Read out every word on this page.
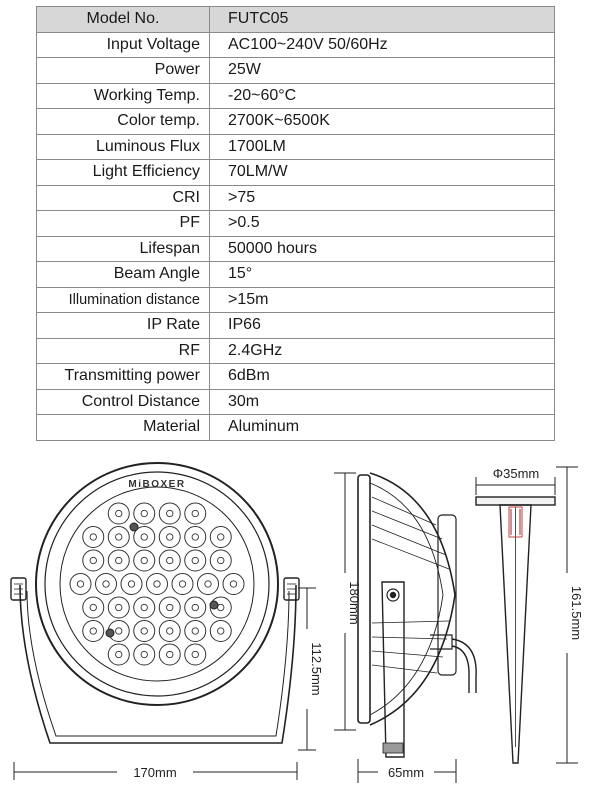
Model No.	FUTC05
Input Voltage	AC100~240V 50/60Hz
Power	25W
Working Temp.	-20~60°C
Color temp.	2700K~6500K
Luminous Flux	1700LM
Light Efficiency	70LM/W
CRI	>75
PF	>0.5
Lifespan	50000 hours
Beam Angle	15°
Illumination distance	>15m
IP Rate	IP66
RF	2.4GHz
Transmitting power	6dBm
Control Distance	30m
Material	Aluminum
MiBOXER
170mm
112.5mm
180mm
65mm
Φ35mm
161.5mm
